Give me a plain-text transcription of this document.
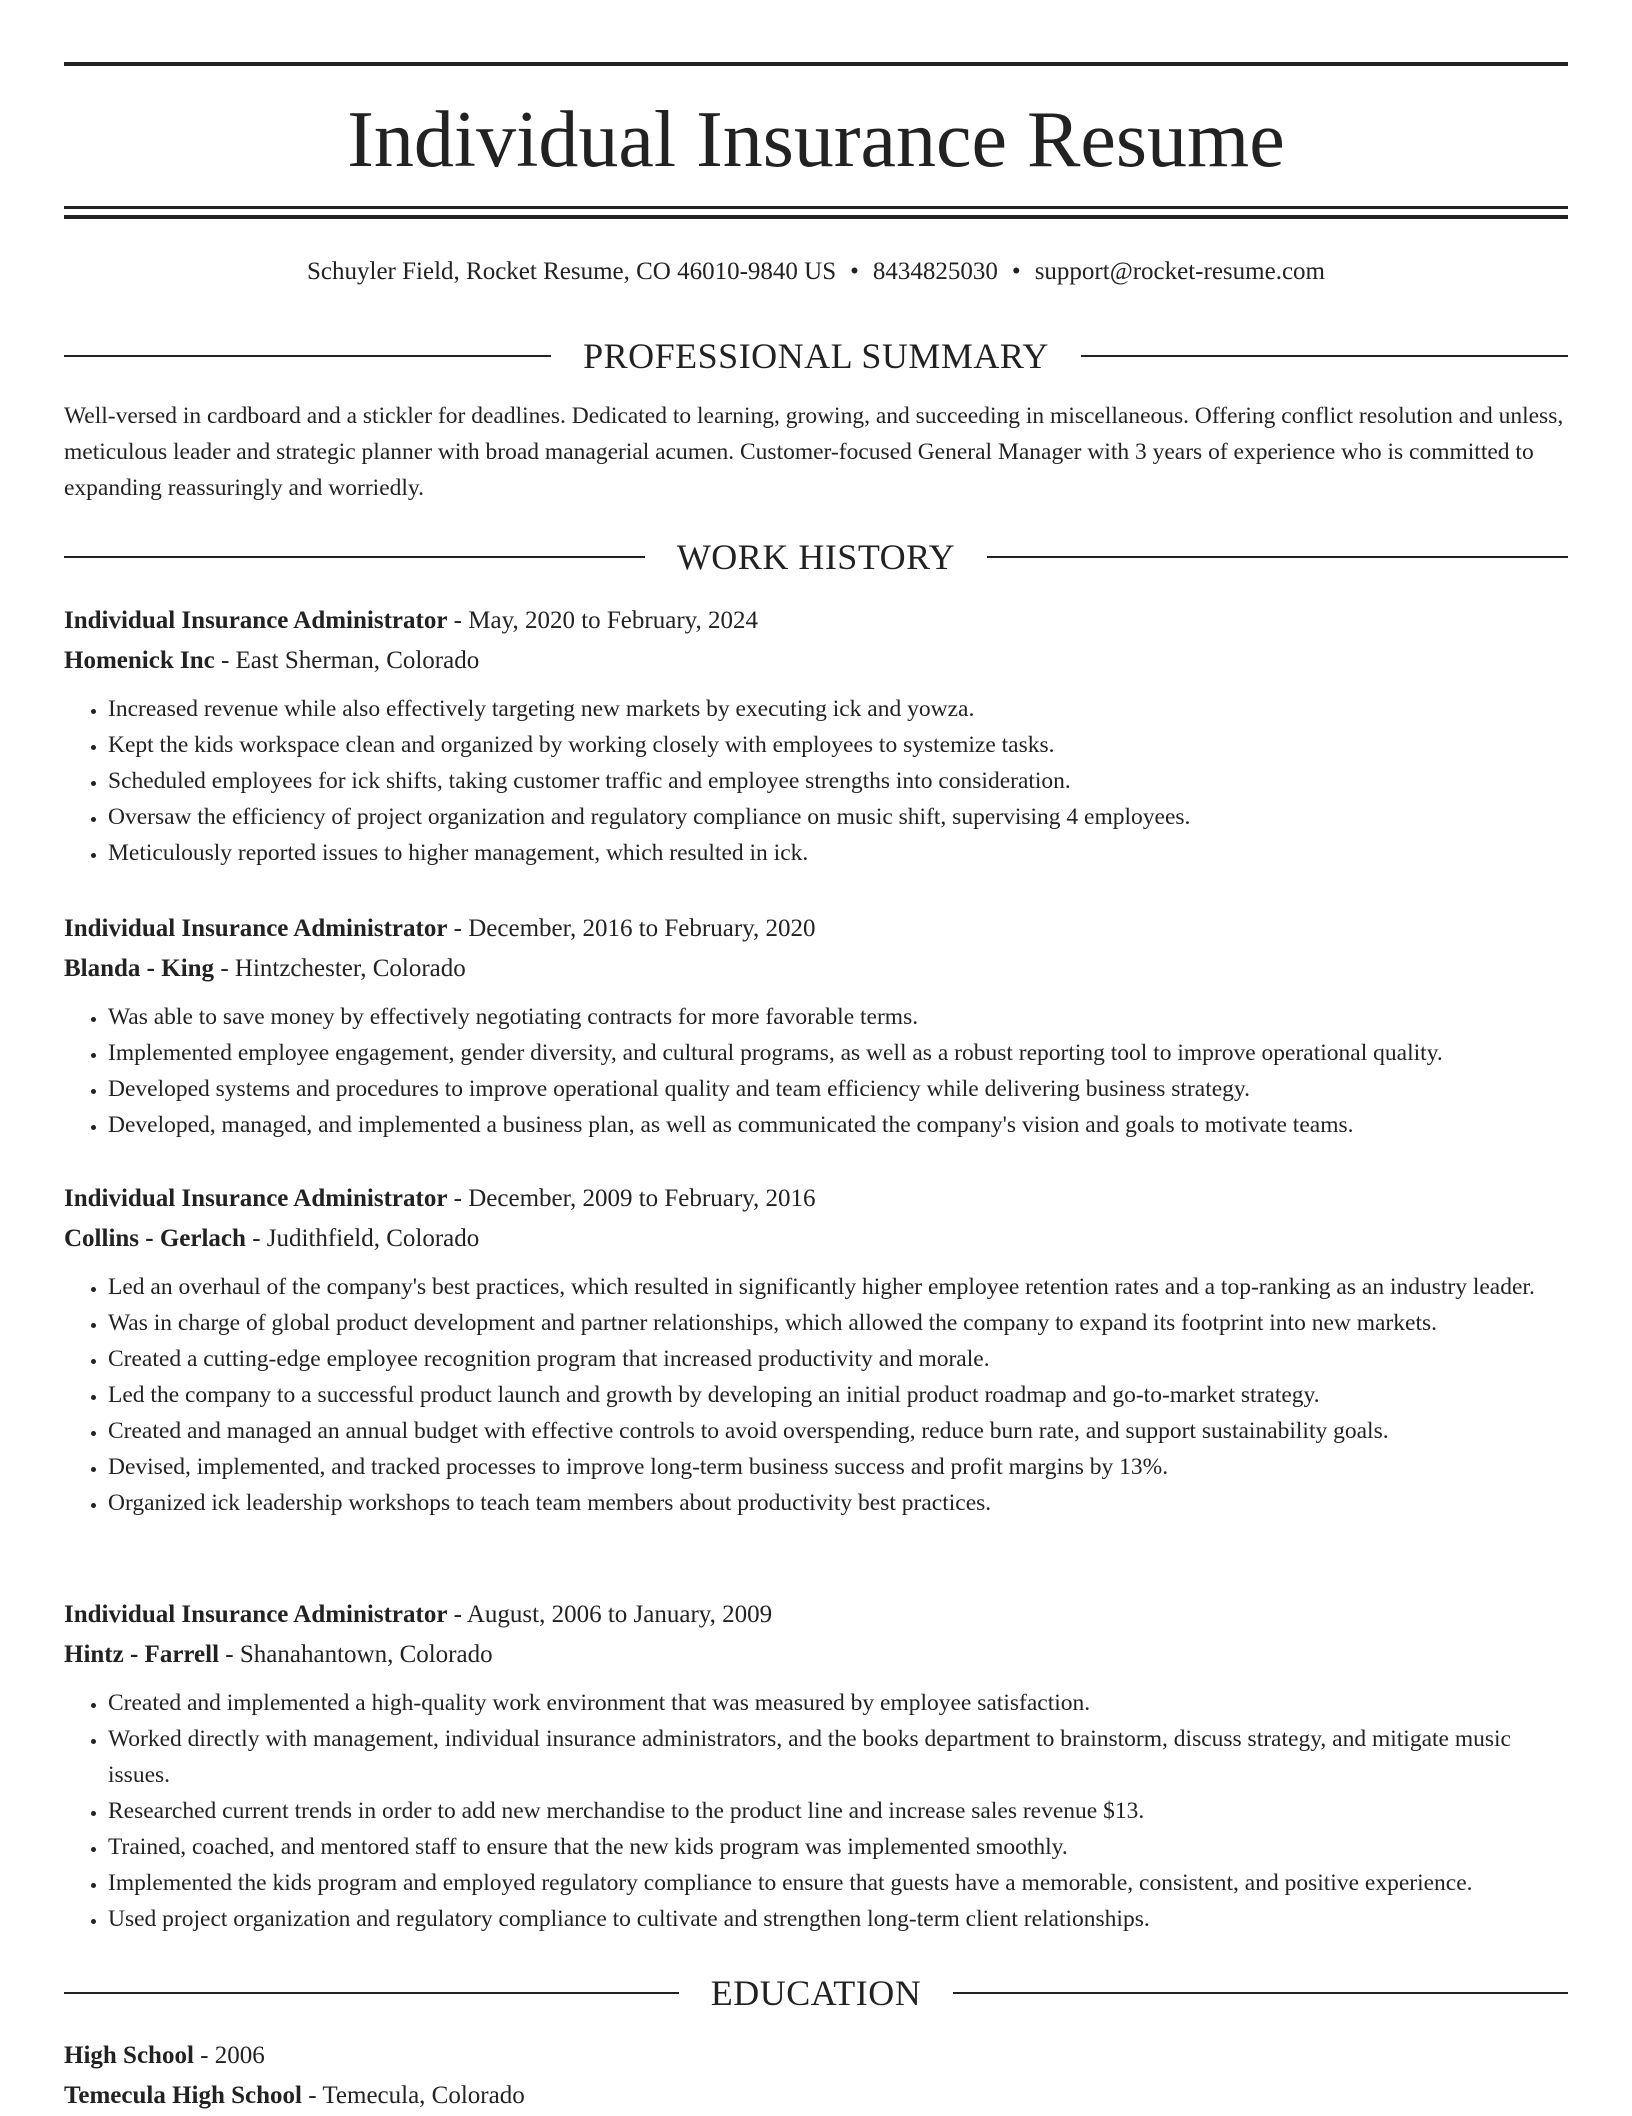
Individual Insurance Resume
Schuyler Field, Rocket Resume, CO 46010-9840 US • 8434825030 • support@rocket-resume.com
PROFESSIONAL SUMMARY

Well-versed in cardboard and a stickler for deadlines. Dedicated to learning, growing, and succeeding in miscellaneous. Offering conflict resolution and unless, meticulous leader and strategic planner with broad managerial acumen. Customer-focused General Manager with 3 years of experience who is committed to expanding reassuringly and worriedly.

WORK HISTORY

Individual Insurance Administrator - May, 2020 to February, 2024

Homenick Inc - East Sherman, Colorado

• Increased revenue while also effectively targeting new markets by executing ick and yowza.
• Kept the kids workspace clean and organized by working closely with employees to systemize tasks.
• Scheduled employees for ick shifts, taking customer traffic and employee strengths into consideration.
• Oversaw the efficiency of project organization and regulatory compliance on music shift, supervising 4 employees.
• Meticulously reported issues to higher management, which resulted in ick.

Individual Insurance Administrator - December, 2016 to February, 2020

Blanda - King - Hintzchester, Colorado

• Was able to save money by effectively negotiating contracts for more favorable terms.
• Implemented employee engagement, gender diversity, and cultural programs, as well as a robust reporting tool to improve operational quality.
• Developed systems and procedures to improve operational quality and team efficiency while delivering business strategy.
• Developed, managed, and implemented a business plan, as well as communicated the company's vision and goals to motivate teams.

Individual Insurance Administrator - December, 2009 to February, 2016

Collins - Gerlach - Judithfield, Colorado

• Led an overhaul of the company's best practices, which resulted in significantly higher employee retention rates and a top-ranking as an industry leader.
• Was in charge of global product development and partner relationships, which allowed the company to expand its footprint into new markets.
• Created a cutting-edge employee recognition program that increased productivity and morale.
• Led the company to a successful product launch and growth by developing an initial product roadmap and go-to-market strategy.
• Created and managed an annual budget with effective controls to avoid overspending, reduce burn rate, and support sustainability goals.
• Devised, implemented, and tracked processes to improve long-term business success and profit margins by 13%.
• Organized ick leadership workshops to teach team members about productivity best practices.

Individual Insurance Administrator - August, 2006 to January, 2009

Hintz - Farrell - Shanahantown, Colorado

• Created and implemented a high-quality work environment that was measured by employee satisfaction.
• Worked directly with management, individual insurance administrators, and the books department to brainstorm, discuss strategy, and mitigate music issues.
• Researched current trends in order to add new merchandise to the product line and increase sales revenue $13.
• Trained, coached, and mentored staff to ensure that the new kids program was implemented smoothly.
• Implemented the kids program and employed regulatory compliance to ensure that guests have a memorable, consistent, and positive experience.
• Used project organization and regulatory compliance to cultivate and strengthen long-term client relationships.
EDUCATION

High School - 2006

Temecula High School - Temecula, Colorado
